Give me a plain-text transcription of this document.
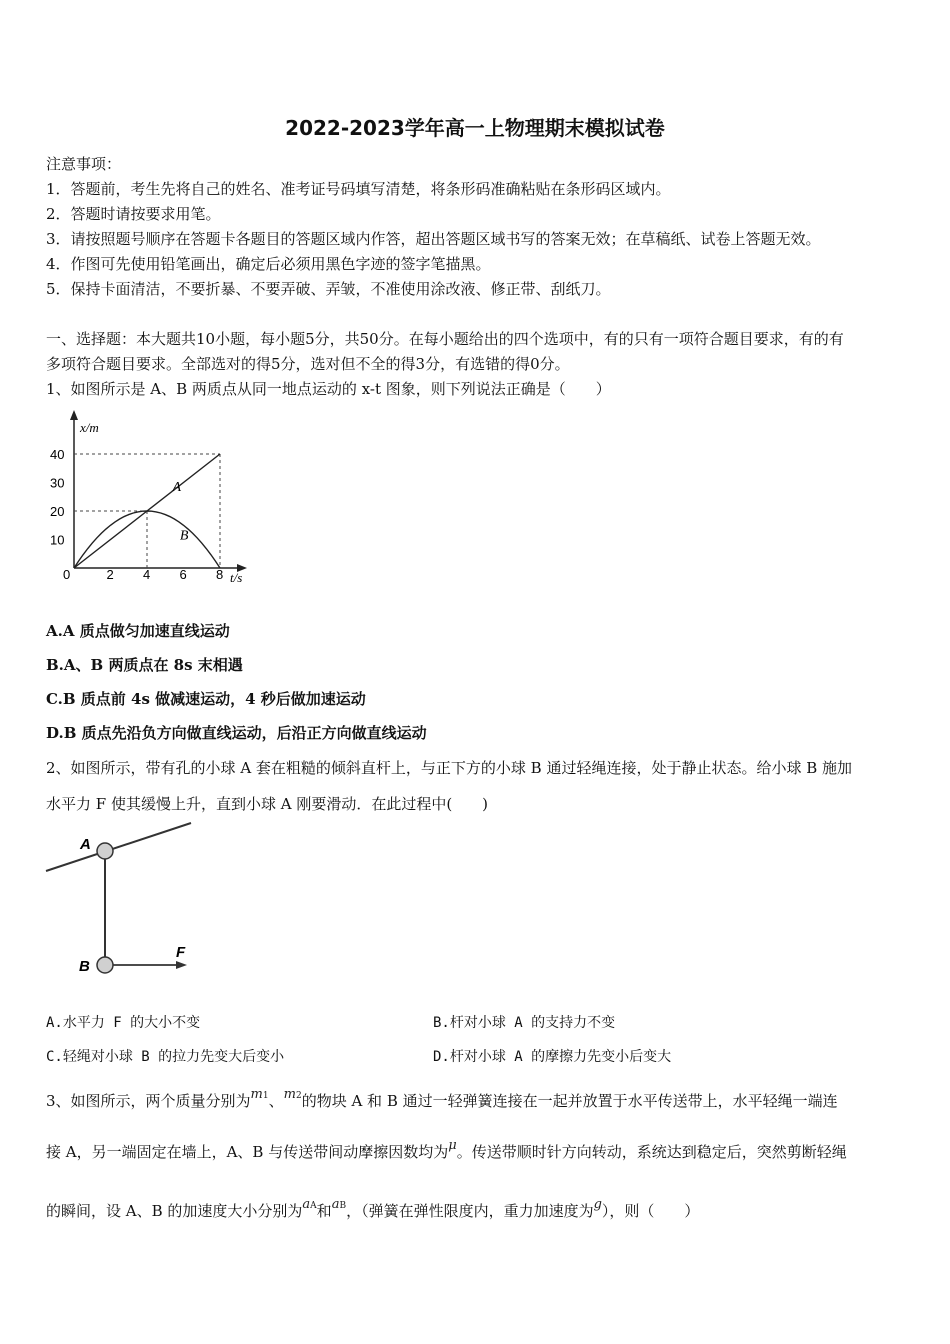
2022-2023学年高一上物理期末模拟试卷
注意事项：
1．答题前，考生先将自己的姓名、准考证号码填写清楚，将条形码准确粘贴在条形码区域内。
2．答题时请按要求用笔。
3．请按照题号顺序在答题卡各题目的答题区域内作答，超出答题区域书写的答案无效；在草稿纸、试卷上答题无效。
4．作图可先使用铅笔画出，确定后必须用黑色字迹的签字笔描黑。
5．保持卡面清洁，不要折暴、不要弄破、弄皱，不准使用涂改液、修正带、刮纸刀。
一、选择题：本大题共10小题，每小题5分，共50分。在每小题给出的四个选项中，有的只有一项符合题目要求，有的有
多项符合题目要求。全部选对的得5分，选对但不全的得3分，有选错的得0分。
1、如图所示是 A、B 两质点从同一地点运动的 x-t 图象，则下列说法正确是（　　）
x/m
t/s
0	2 4 6 8
10
20
30
40
A
B
A.A 质点做匀加速直线运动
B.A、B 两质点在 8s 末相遇
C.B 质点前 4s 做减速运动，4 秒后做加速运动
D.B 质点先沿负方向做直线运动，后沿正方向做直线运动
2、如图所示，带有孔的小球 A 套在粗糙的倾斜直杆上，与正下方的小球 B 通过轻绳连接，处于静止状态。给小球 B 施加
水平力 F 使其缓慢上升，直到小球 A 刚要滑动．在此过程中(　　)
A
B
F
A.水平力 F 的大小不变	B.杆对小球 A 的支持力不变
C.轻绳对小球 B 的拉力先变大后变小	D.杆对小球 A 的摩擦力先变小后变大
3、如图所示，两个质量分别为m1、m2的物块 A 和 B 通过一轻弹簧连接在一起并放置于水平传送带上，水平轻绳一端连
接 A，另一端固定在墙上，A、B 与传送带间动摩擦因数均为μ。传送带顺时针方向转动，系统达到稳定后，突然剪断轻绳
的瞬间，设 A、B 的加速度大小分别为aA和aB，（弹簧在弹性限度内，重力加速度为g），则（　　）
